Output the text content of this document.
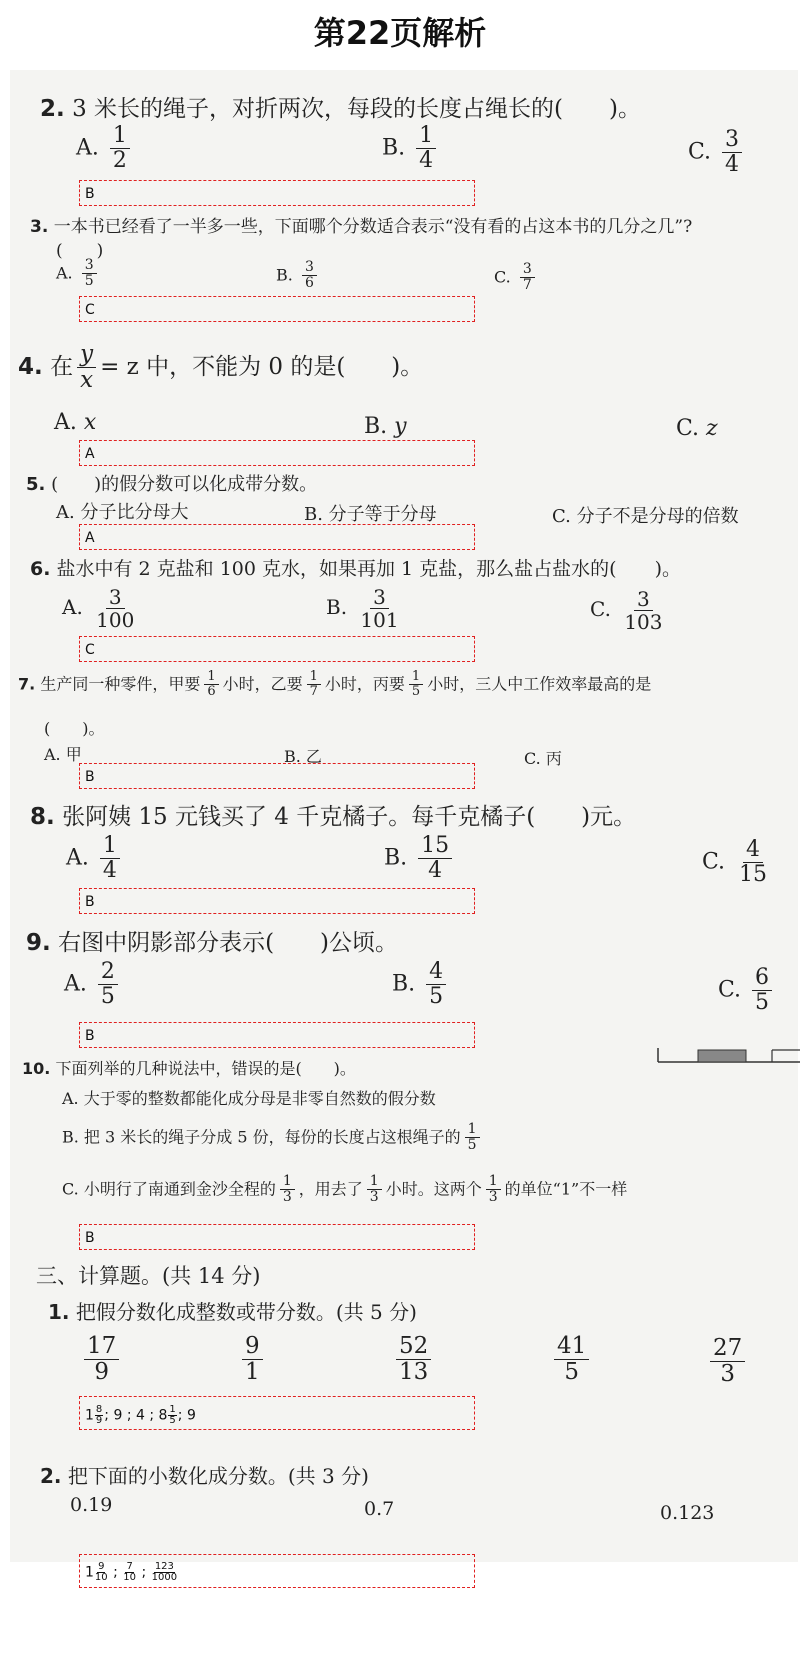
第22页解析
2. 3 米长的绳子，对折两次，每段的长度占绳长的(　　)。
A. $\frac{1}{2}$	B. $\frac{1}{4}$	C. $\frac{3}{4}$
B
3. 一本书已经看了一半多一些，下面哪个分数适合表示“没有看的占这本书的几分之几”?
(　　)
A. $\frac{3}{5}$	B. $\frac{3}{6}$	C. $\frac{3}{7}$
C
4. 在 $\frac{y}{x} = z$ 中，不能为 0 的是(　　)。
A. x	B. y	C. z
A
5. (　　)的假分数可以化成带分数。
A. 分子比分母大	B. 分子等于分母	C. 分子不是分母的倍数
A
6. 盐水中有 2 克盐和 100 克水，如果再加 1 克盐，那么盐占盐水的(　　)。
A. $\frac{3}{100}$	B. $\frac{3}{101}$	C. $\frac{3}{103}$
C
7. 生产同一种零件，甲要 $\frac{1}{6}$ 小时，乙要 $\frac{1}{7}$ 小时，丙要 $\frac{1}{5}$ 小时，三人中工作效率最高的是
(　　)。
A. 甲	B. 乙	C. 丙
B
8. 张阿姨 15 元钱买了 4 千克橘子。每千克橘子(　　)元。
A. $\frac{1}{4}$	B. $\frac{15}{4}$	C. $\frac{4}{15}$
B
9. 右图中阴影部分表示(　　)公顷。
A. $\frac{2}{5}$	B. $\frac{4}{5}$	C. $\frac{6}{5}$
B
10. 下面列举的几种说法中，错误的是(　　)。
A. 大于零的整数都能化成分母是非零自然数的假分数
B. 把 3 米长的绳子分成 5 份，每份的长度占这根绳子的 $\frac{1}{5}$
C. 小明行了南通到金沙全程的 $\frac{1}{3}$ ，用去了 $\frac{1}{3}$ 小时。这两个 $\frac{1}{3}$ 的单位“1”不一样
B
三、计算题。(共 14 分)
1. 把假分数化成整数或带分数。(共 5 分)
$\frac{17}{9}$	$\frac{9}{1}$	$\frac{52}{13}$	$\frac{41}{5}$	$\frac{27}{3}$
$1 \frac{8}{9}$ ; 9 ; 4 ; $8 \frac{1}{5}$ ; 9
2. 把下面的小数化成分数。(共 3 分)
0.19	0.7	0.123
$1 \frac{9}{10}$ ; $\frac{7}{10}$ ; $\frac{123}{1000}$
